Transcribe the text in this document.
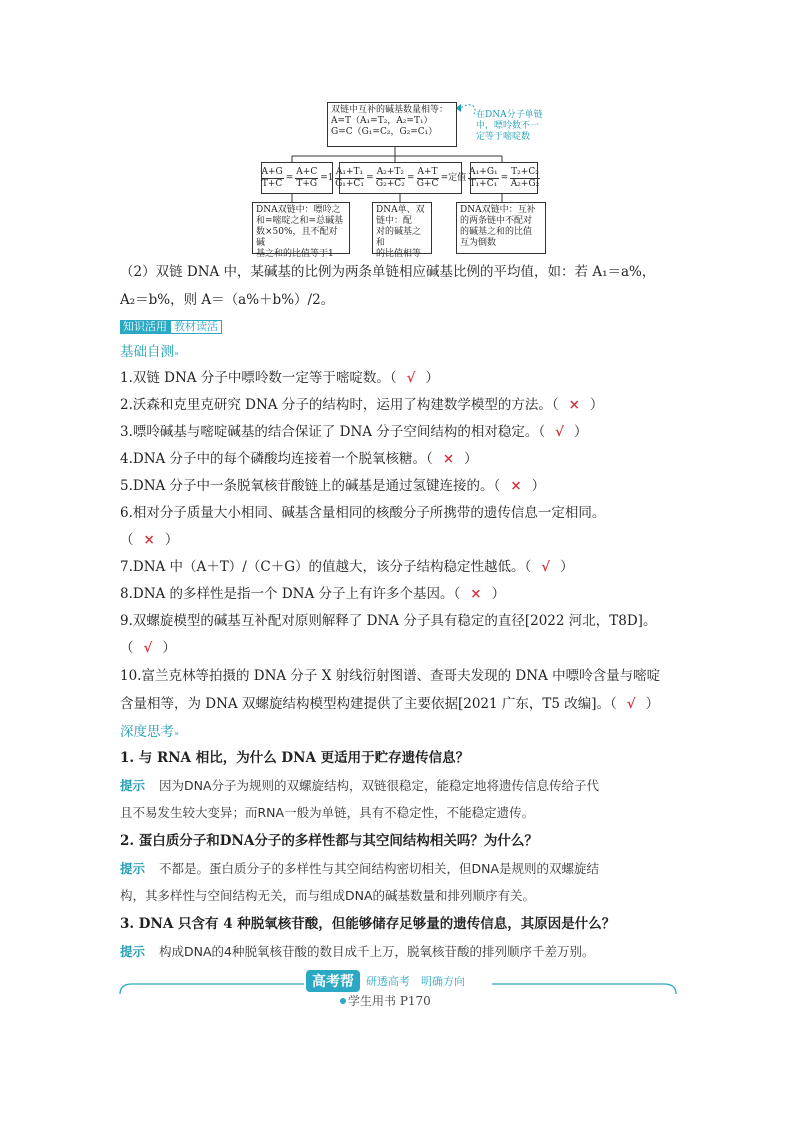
双链中互补的碱基数量相等：
A=T（A₁=T₂，A₂=T₁）
G=C（G₁=C₂，G₂=C₁）
在DNA分子单链
中，嘌呤数不一
定等于嘧啶数
$\frac{A+G}{T+C} = \frac{A+C}{T+G} =1 \frac{\text{A₁+T₁}}{\text{G₁+C₁}} = \frac{\text{A₂+T₂}}{\text{G₂+C₂}} = \frac{A+T}{G+C}$ =定值 $\frac{\text{A₁+G₁}}{\text{T₁+C₁}} = \frac{\text{T₂+C₂}}{\text{A₂+G₂}}$
DNA双链中：嘌呤之
和=嘧啶之和=总碱基
数×50%，且不配对碱
基之和的比值等于1
DNA单、双
链中：配
对的碱基之和
的比值相等
DNA双链中：互补
的两条链中不配对
的碱基之和的比值
互为倒数
（2）双链 DNA 中，某碱基的比例为两条单链相应碱基比例的平均值，如：若 A₁＝a%，
A₂＝b%，则 A＝（a%＋b%）/2。
知识活用 教材读活
基础自测»
1.双链 DNA 分子中嘌呤数一定等于嘧啶数。（ √ ）
2.沃森和克里克研究 DNA 分子的结构时，运用了构建数学模型的方法。（ × ）
3.嘌呤碱基与嘧啶碱基的结合保证了 DNA 分子空间结构的相对稳定。（ √ ）
4.DNA 分子中的每个磷酸均连接着一个脱氧核糖。（ × ）
5.DNA 分子中一条脱氧核苷酸链上的碱基是通过氢键连接的。（ × ）
6.相对分子质量大小相同、碱基含量相同的核酸分子所携带的遗传信息一定相同。
（ × ）
7.DNA 中（A＋T）/（C＋G）的值越大，该分子结构稳定性越低。（ √ ）
8.DNA 的多样性是指一个 DNA 分子上有许多个基因。（ × ）
9.双螺旋模型的碱基互补配对原则解释了 DNA 分子具有稳定的直径[2022 河北，T8D]。
（ √ ）
10.富兰克林等拍摄的 DNA 分子 X 射线衍射图谱、查哥夫发现的 DNA 中嘌呤含量与嘧啶
含量相等，为 DNA 双螺旋结构模型构建提供了主要依据[2021 广东，T5 改编]。（ √ ）
深度思考»
1. 与 RNA 相比，为什么 DNA 更适用于贮存遗传信息？
提示 因为DNA分子为规则的双螺旋结构，双链很稳定，能稳定地将遗传信息传给子代
且不易发生较大变异；而RNA一般为单链，具有不稳定性，不能稳定遗传。
2. 蛋白质分子和DNA分子的多样性都与其空间结构相关吗？为什么？
提示 不都是。蛋白质分子的多样性与其空间结构密切相关，但DNA是规则的双螺旋结
构，其多样性与空间结构无关，而与组成DNA的碱基数量和排列顺序有关。
3. DNA 只含有 4 种脱氧核苷酸，但能够储存足够量的遗传信息，其原因是什么？
提示 构成DNA的4种脱氧核苷酸的数目成千上万，脱氧核苷酸的排列顺序千差万别。
高考帮	研透高考　明确方向
学生用书 P170
